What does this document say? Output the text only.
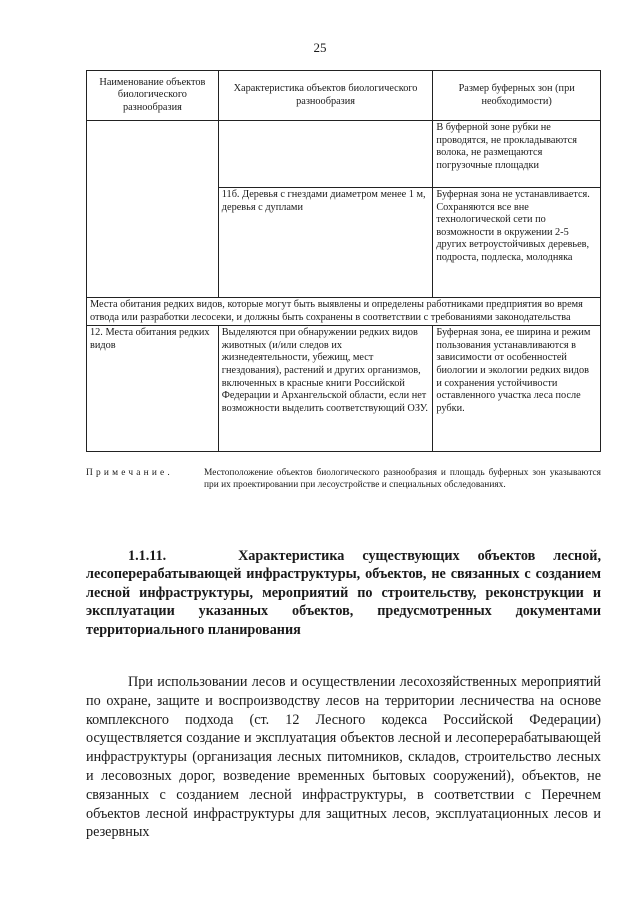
25
Наименование объектов биологического разнообразия	Характеристика объектов биологического разнообразия	Размер буферных зон (при необходимости)
		В буферной зоне рубки не проводятся, не прокладываются волока, не размещаются погрузочные площадки
	11б. Деревья с гнездами диаметром менее 1 м, деревья с дуплами	Буферная зона не устанавливается. Сохраняются все вне технологической сети по возможности в окружении 2-5 других ветроустойчивых деревьев, подроста, подлеска, молодняка
Места обитания редких видов, которые могут быть выявлены и определены работниками предприятия во время отвода или разработки лесосеки, и должны быть сохранены в соответствии с требованиями законодательства		
12. Места обитания редких видов	Выделяются при обнаружении редких видов животных (и/или следов их жизнедеятельности, убежищ, мест гнездования), растений и других организмов, включенных в красные книги Российской Федерации и Архангельской области, если нет возможности выделить соответствующий ОЗУ.	Буферная зона, ее ширина и режим пользования устанавливаются в зависимости от особенностей биологии и экологии редких видов и сохранения устойчивости оставленного участка леса после рубки.
Примечание.	Местоположение объектов биологического разнообразия и площадь буферных зон указываются при их проектировании при лесоустройстве и специальных обследованиях.
1.1.11.	Характеристика существующих объектов лесной, лесоперерабатывающей инфраструктуры, объектов, не связанных с созданием лесной инфраструктуры, мероприятий по строительству, реконструкции и эксплуатации указанных объектов, предусмотренных документами территориального планирования
При использовании лесов и осуществлении лесохозяйственных мероприятий по охране, защите и воспроизводству лесов на территории лесничества на основе комплексного подхода (ст. 12 Лесного кодекса Российской Федерации) осуществляется создание и эксплуатация объектов лесной и лесоперерабатывающей инфраструктуры (организация лесных питомников, складов, строительство лесных и лесовозных дорог, возведение временных бытовых сооружений), объектов, не связанных с созданием лесной инфраструктуры, в соответствии с Перечнем объектов лесной инфраструктуры для защитных лесов, эксплуатационных лесов и резервных
